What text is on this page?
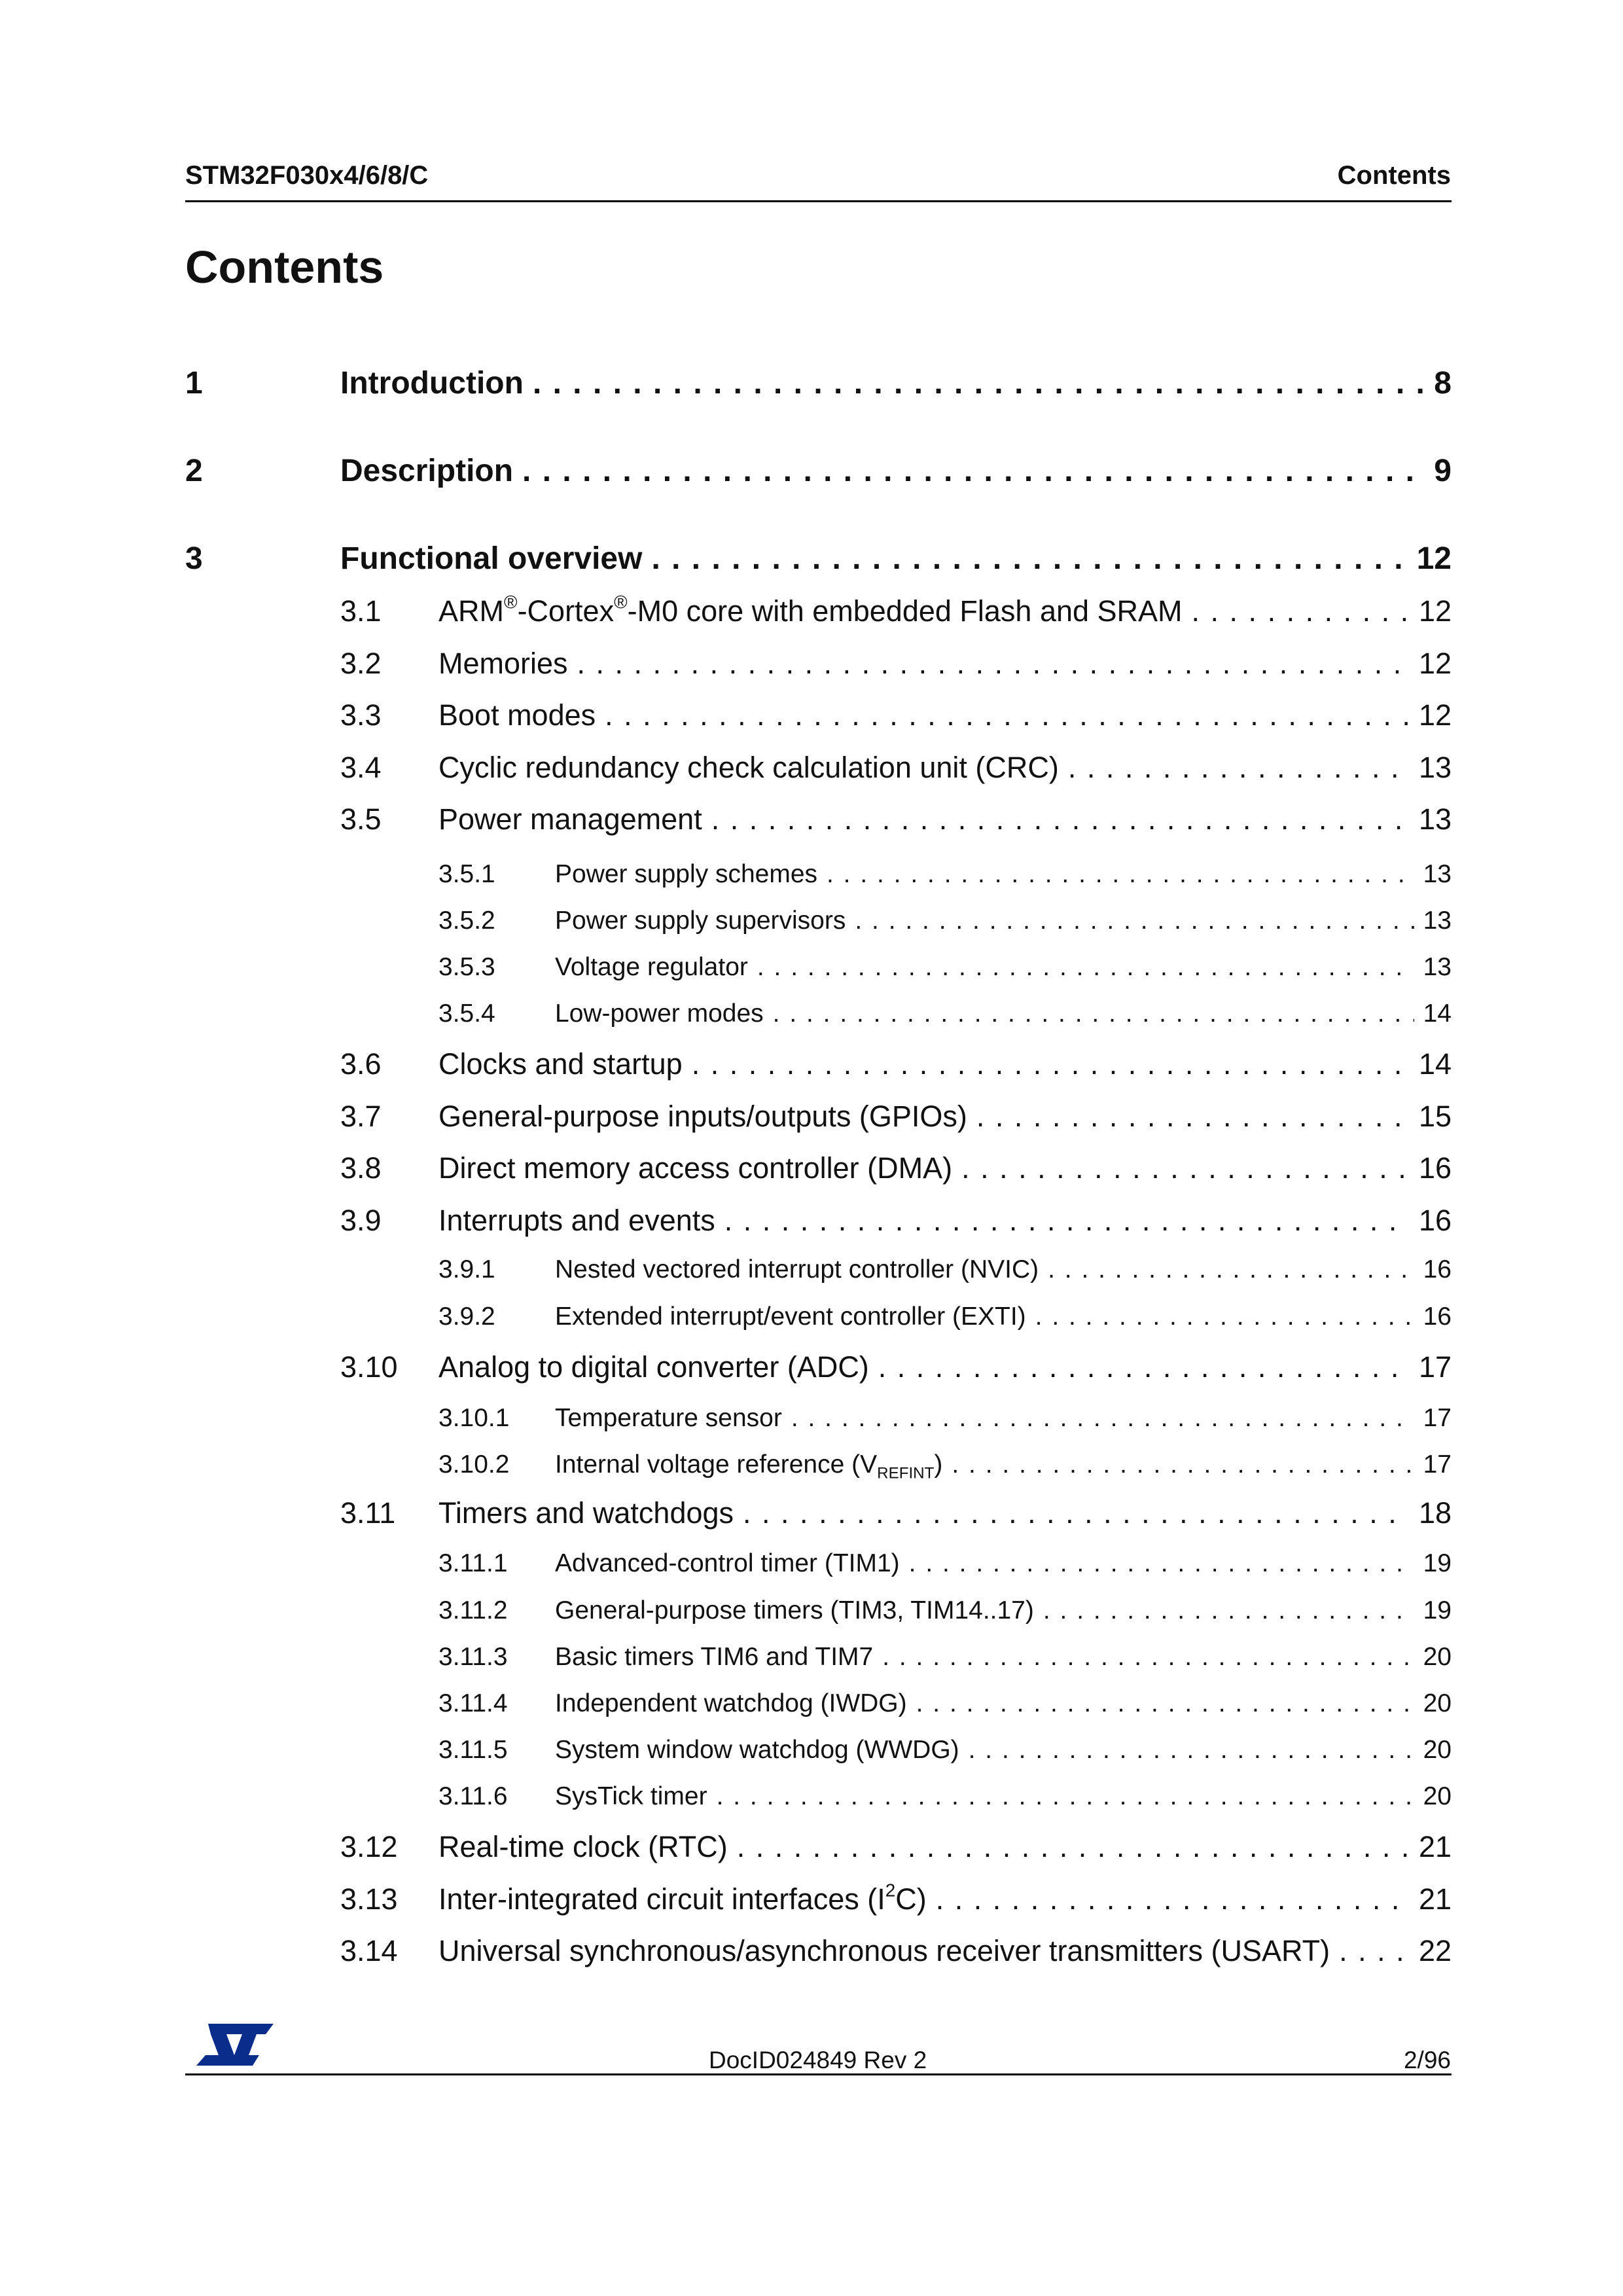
STM32F030x4/6/8/C	Contents
Contents
1	Introduction . . .	8
2	Description . . .	9
3	Functional overview . . .	12
3.1	ARM®-Cortex®-M0 core with embedded Flash and SRAM . . .	12
3.2	Memories . . .	12
3.3	Boot modes . . .	12
3.4	Cyclic redundancy check calculation unit (CRC) . . .	13
3.5	Power management . . .	13
3.5.1	Power supply schemes . . .	13
3.5.2	Power supply supervisors . . .	13
3.5.3	Voltage regulator . . .	13
3.5.4	Low-power modes . . .	14
3.6	Clocks and startup . . .	14
3.7	General-purpose inputs/outputs (GPIOs) . . .	15
3.8	Direct memory access controller (DMA) . . .	16
3.9	Interrupts and events . . .	16
3.9.1	Nested vectored interrupt controller (NVIC) . . .	16
3.9.2	Extended interrupt/event controller (EXTI) . . .	16
3.10	Analog to digital converter (ADC) . . .	17
3.10.1	Temperature sensor . . .	17
3.10.2	Internal voltage reference $(V_{REFINT})$ . . .	17
3.11	Timers and watchdogs . . .	18
3.11.1	Advanced-control timer (TIM1) . . .	19
3.11.2	General-purpose timers (TIM3, TIM14..17) . . .	19
3.11.3	Basic timers TIM6 and TIM7 . . .	20
3.11.4	Independent watchdog (IWDG) . . .	20
3.11.5	System window watchdog (WWDG) . . .	20
3.11.6	SysTick timer . . .	20
3.12	Real-time clock (RTC) . . .	21
3.13	Inter-integrated circuit interfaces $(I^2C)$ . . .	21
3.14	Universal synchronous/asynchronous receiver transmitters (USART) . . .	22
DocID024849 Rev 2	2/96
